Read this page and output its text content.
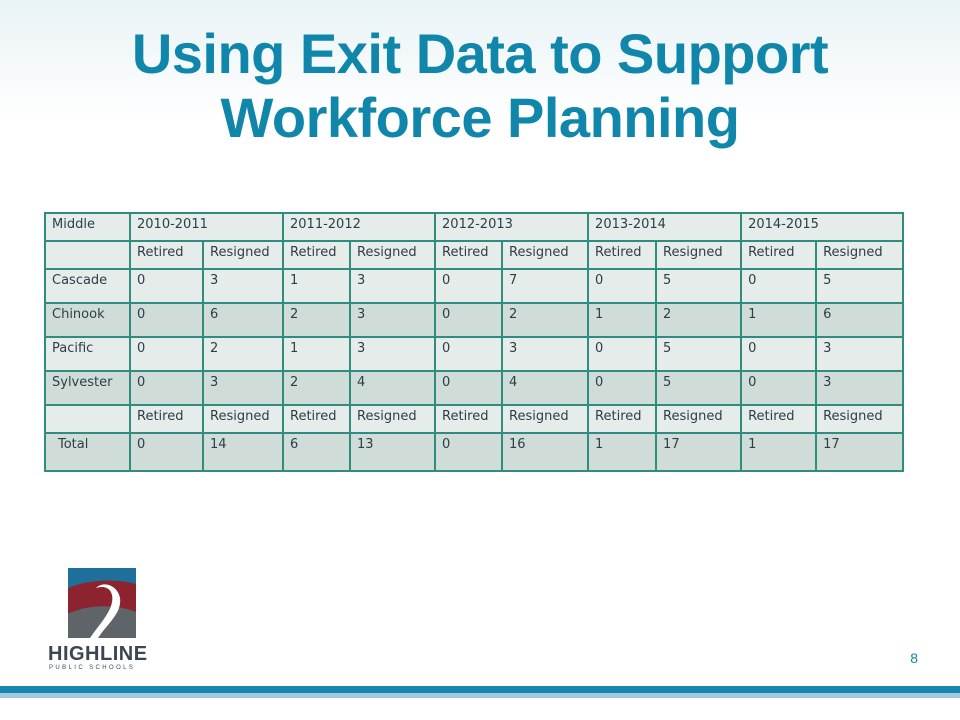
Using Exit Data to Support
Workforce Planning
Middle	2010-2011		2011-2012		2012-2013		2013-2014		2014-2015	
	Retired	Resigned	Retired	Resigned	Retired	Resigned	Retired	Resigned	Retired	Resigned
Cascade	0	3	1	3	0	7	0	5	0	5
Chinook	0	6	2	3	0	2	1	2	1	6
Pacific	0	2	1	3	0	3	0	5	0	3
Sylvester	0	3	2	4	0	4	0	5	0	3
	Retired	Resigned	Retired	Resigned	Retired	Resigned	Retired	Resigned	Retired	Resigned
Total	0	14	6	13	0	16	1	17	1	17
HIGHLINE
PUBLIC SCHOOLS
8
